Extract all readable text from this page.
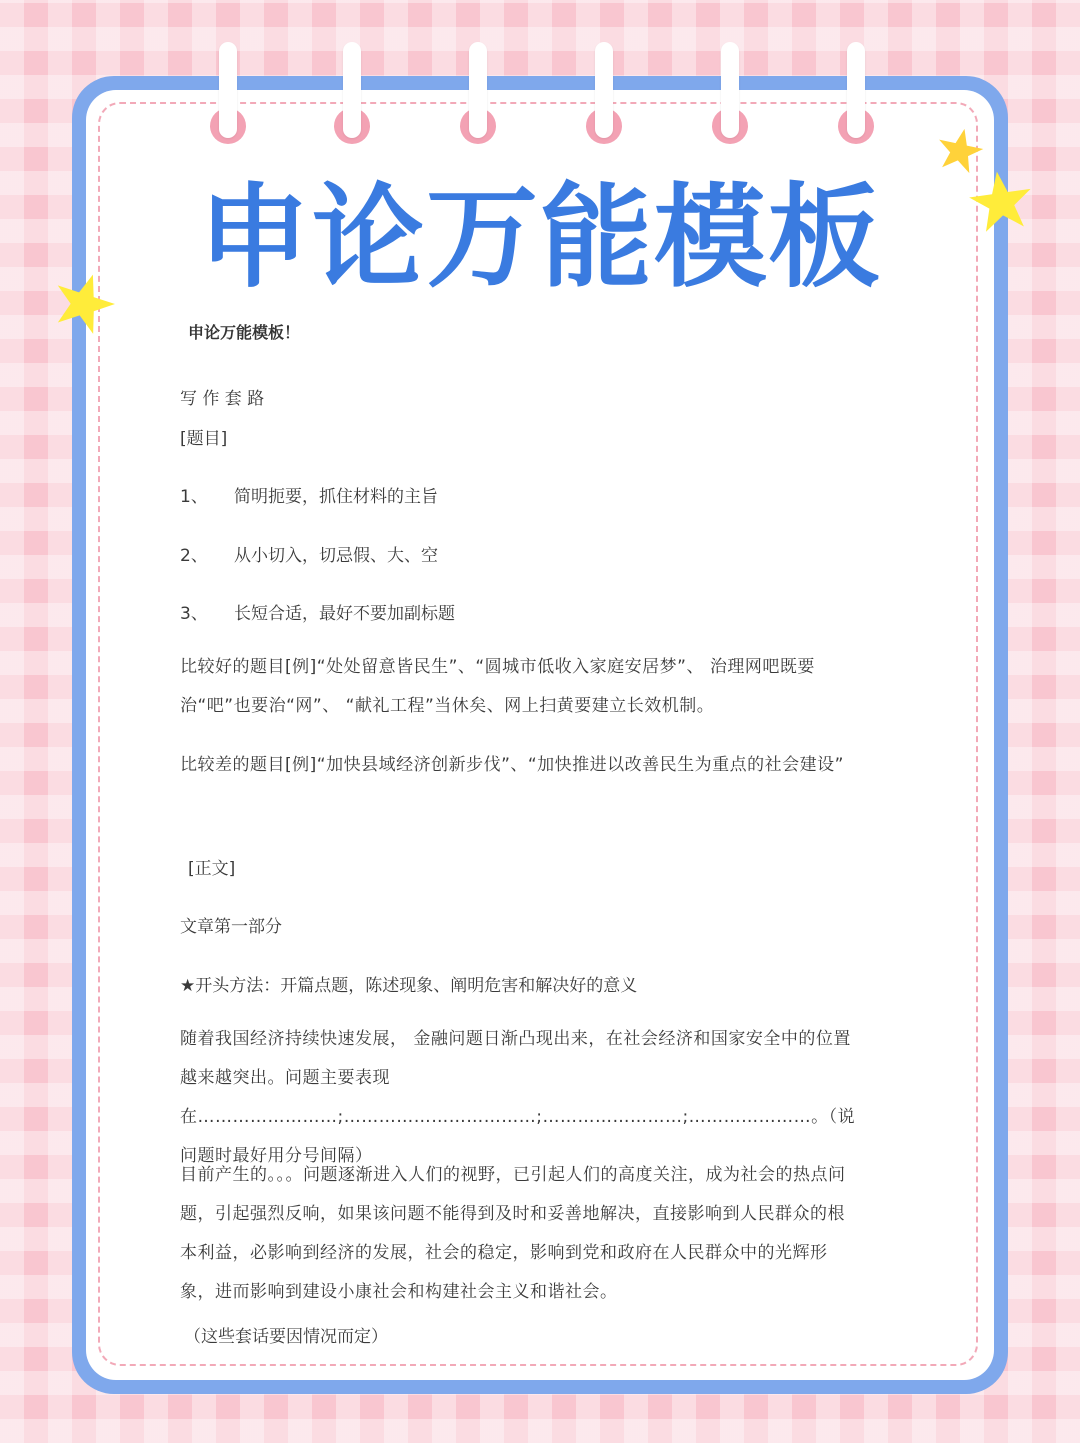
申论万能模板

申论万能模板！

写 作 套 路

[题目]

1、 简明扼要，抓住材料的主旨

2、 从小切入，切忌假、大、空

3、 长短合适，最好不要加副标题

比较好的题目[例]“处处留意皆民生”、“圆城市低收入家庭安居梦”、 治理网吧既要治“吧”也要治“网”、 “献礼工程”当休矣、网上扫黄要建立长效机制。

比较差的题目[例]“加快县域经济创新步伐”、“加快推进以改善民生为重点的社会建设”

[正文]

文章第一部分

★开头方法：开篇点题，陈述现象、阐明危害和解决好的意义

随着我国经济持续快速发展， 金融问题日渐凸现出来，在社会经济和国家安全中的位置越来越突出。问题主要表现在……………………;……………………………;……………………;…………………。（说问题时最好用分号间隔）

目前产生的。。。问题逐渐进入人们的视野，已引起人们的高度关注，成为社会的热点问题，引起强烈反响，如果该问题不能得到及时和妥善地解决，直接影响到人民群众的根本利益，必影响到经济的发展，社会的稳定，影响到党和政府在人民群众中的光辉形象，进而影响到建设小康社会和构建社会主义和谐社会。

（这些套话要因情况而定）
